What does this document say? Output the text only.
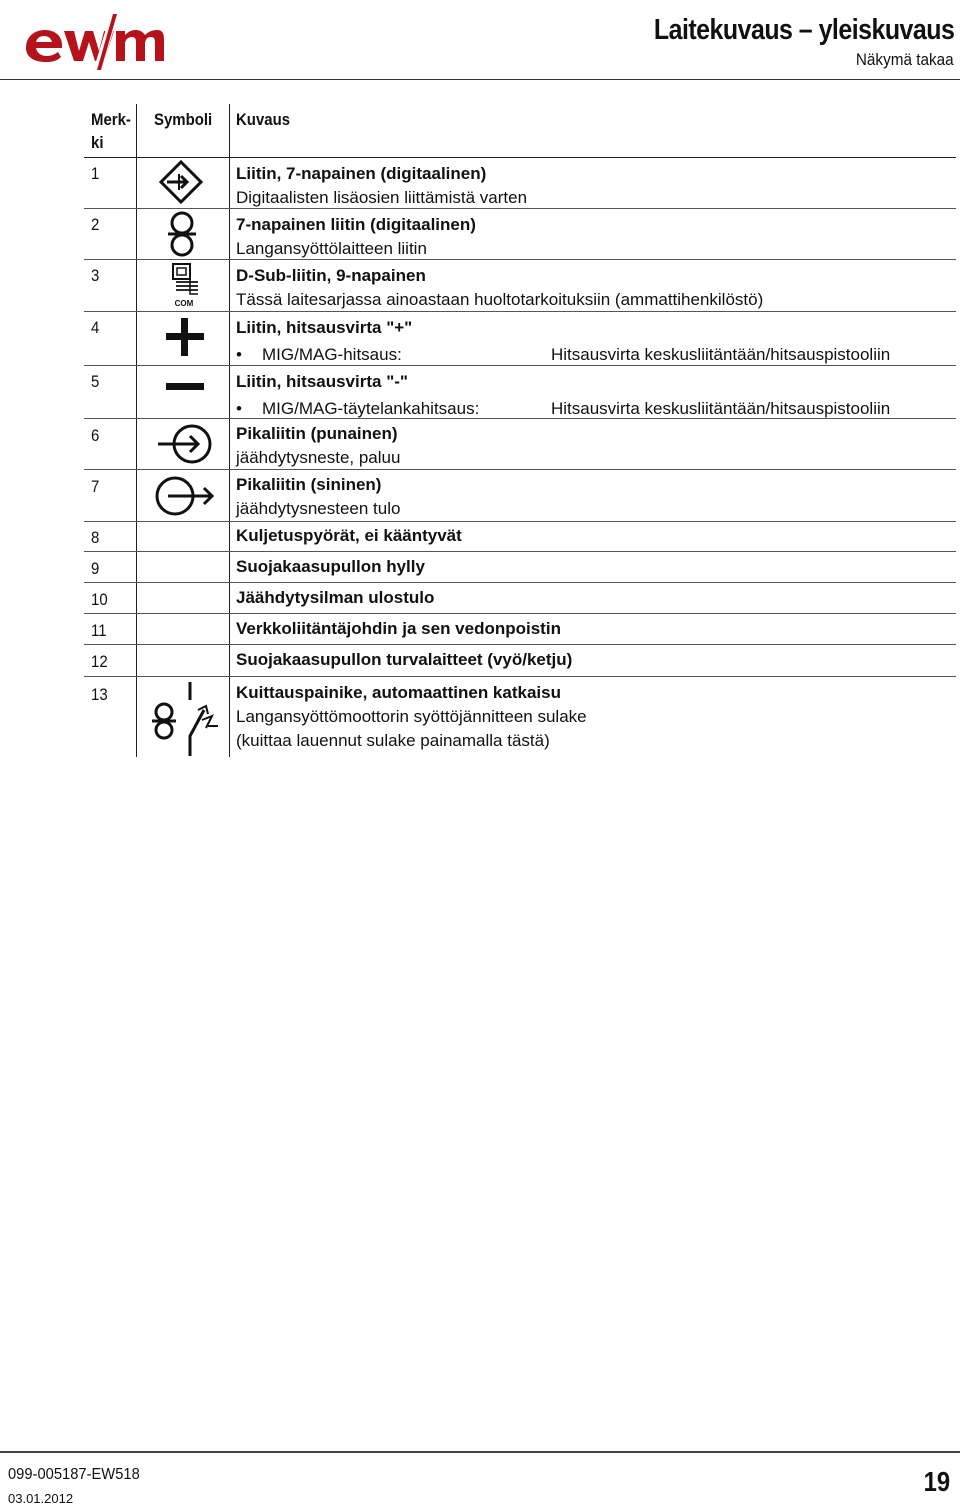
Laitekuvaus – yleiskuvaus
Näkymä takaa
Merk-
ki
Symboli Kuvaus
1	Liitin, 7-napainen (digitaalinen)
Digitaalisten lisäosien liittämistä varten
2	7-napainen liitin (digitaalinen)
Langansyöttölaitteen liitin
3
COM
D-Sub-liitin, 9-napainen
Tässä laitesarjassa ainoastaan huoltotarkoituksiin (ammattihenkilöstö)
4	Liitin, hitsausvirta "+"
• MIG/MAG-hitsaus:	Hitsausvirta keskusliitäntään/hitsauspistooliin
5	Liitin, hitsausvirta "-"
• MIG/MAG-täytelankahitsaus:	Hitsausvirta keskusliitäntään/hitsauspistooliin
6	Pikaliitin (punainen)
jäähdytysneste, paluu
7	Pikaliitin (sininen)
jäähdytysnesteen tulo
8	Kuljetuspyörät, ei kääntyvät
9	Suojakaasupullon hylly
10	Jäähdytysilman ulostulo
11	Verkkoliitäntäjohdin ja sen vedonpoistin
12	Suojakaasupullon turvalaitteet (vyö/ketju)
13	Kuittauspainike, automaattinen katkaisu
Langansyöttömoottorin syöttöjännitteen sulake
(kuittaa lauennut sulake painamalla tästä)
099-005187-EW518
03.01.2012
19
